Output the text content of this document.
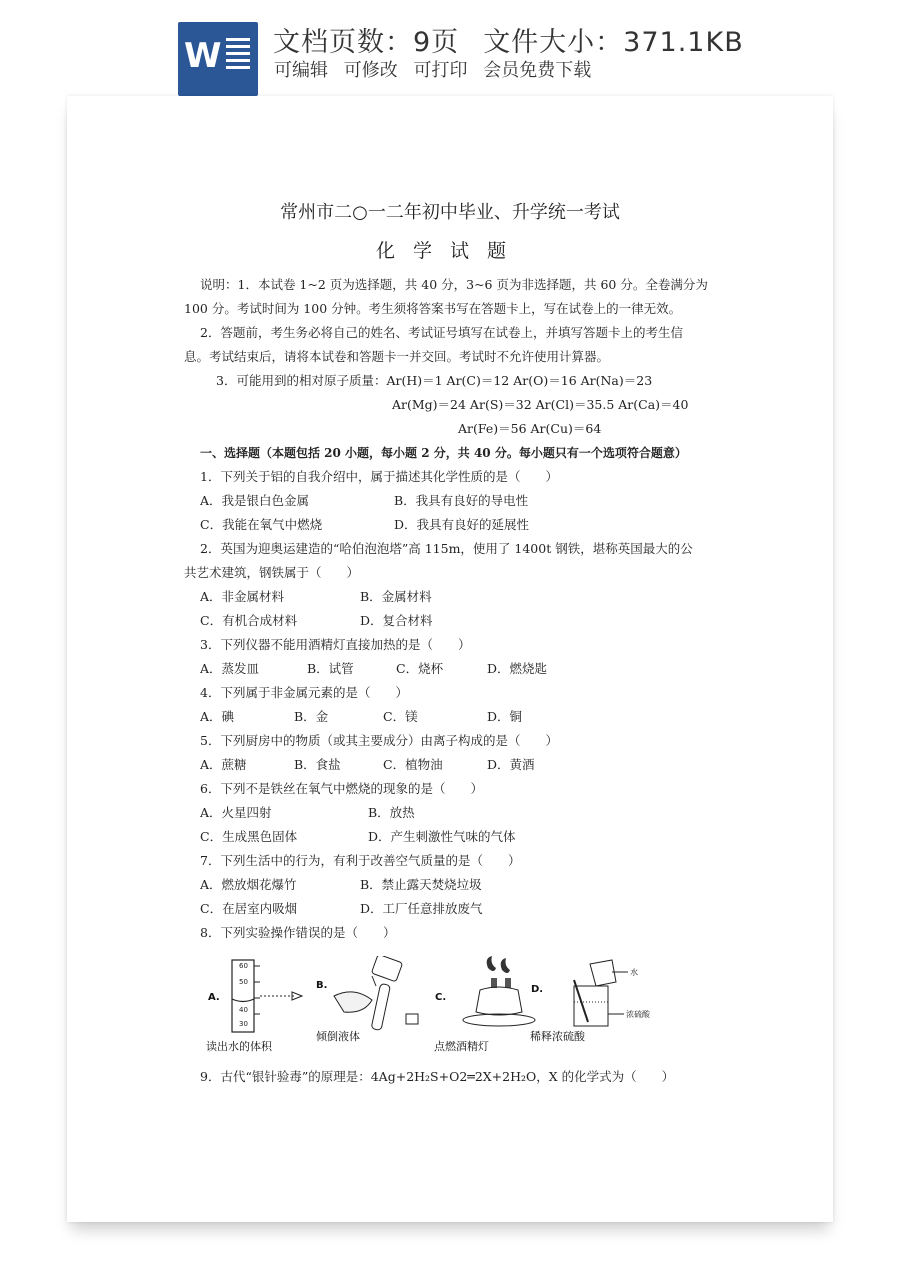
W 文档页数：9页 文件大小：371.1KB
可编辑 可修改 可打印 会员免费下载
常州市二○一二年初中毕业、升学统一考试
化学试题
说明：1．本试卷 1~2 页为选择题，共 40 分，3~6 页为非选择题，共 60 分。全卷满分为
100 分。考试时间为 100 分钟。考生须将答案书写在答题卡上，写在试卷上的一律无效。
2．答题前，考生务必将自己的姓名、考试证号填写在试卷上，并填写答题卡上的考生信
息。考试结束后，请将本试卷和答题卡一并交回。考试时不允许使用计算器。
3．可能用到的相对原子质量：Ar(H)＝1 Ar(C)＝12 Ar(O)＝16 Ar(Na)＝23
Ar(Mg)＝24 Ar(S)＝32 Ar(Cl)＝35.5 Ar(Ca)＝40
Ar(Fe)＝56 Ar(Cu)＝64
一、选择题（本题包括 20 小题，每小题 2 分，共 40 分。每小题只有一个选项符合题意）
1．下列关于铝的自我介绍中，属于描述其化学性质的是（　　）
A．我是银白色金属	B．我具有良好的导电性
C．我能在氧气中燃烧	D．我具有良好的延展性
2．英国为迎奥运建造的“哈伯泡泡塔”高 115m，使用了 1400t 钢铁，堪称英国最大的公
共艺术建筑，钢铁属于（　　）
A．非金属材料	B．金属材料
C．有机合成材料	D．复合材料
3．下列仪器不能用酒精灯直接加热的是（　　）
A．蒸发皿	B．试管	C．烧杯	D．燃烧匙
4．下列属于非金属元素的是（　　）
A．碘	B．金	C．镁	D．铜
5．下列厨房中的物质（或其主要成分）由离子构成的是（　　）
A．蔗糖	B．食盐	C．植物油	D．黄酒
6．下列不是铁丝在氧气中燃烧的现象的是（　　）
A．火星四射	B．放热
C．生成黑色固体	D．产生刺激性气味的气体
7．下列生活中的行为，有利于改善空气质量的是（　　）
A．燃放烟花爆竹	B．禁止露天焚烧垃圾
C．在居室内吸烟	D．工厂任意排放废气
8．下列实验操作错误的是（　　）
9．古代“银针验毒”的原理是：4Ag+2H₂S+O2═2X+2H₂O，X 的化学式为（　　）
A.
60
50
40
30
读出水的体积
B.
倾倒液体
C.
点燃酒精灯
D.
水
浓硫酸
稀释浓硫酸
